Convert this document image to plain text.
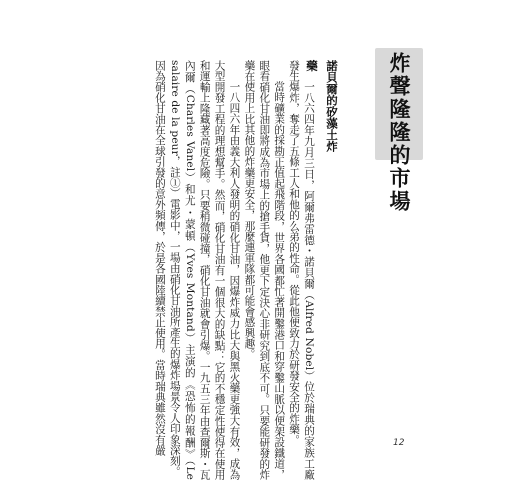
炸聲隆隆的市場
諾貝爾的矽藻土炸藥

一八六四年九月三日，阿爾弗雷德・諾貝爾（Alfred Nobel）位於瑞典的家族工廠發生爆炸，奪走了五條工人和他的么弟的性命。從此他便致力於研發安全的炸藥。

當時礦業的採勘正值起飛階段，世界各國都忙著開鑿港口和穿鑿山脈以便架設鐵道，眼看硝化甘油即將成為市場上的搶手貨，他更下定決心非研究到底不可。只要能研發的炸藥在使用上比其他的炸藥更安全，那麼連軍隊都可能會感興趣。

一八四六年由義大利人發明的硝化甘油，因爆炸威力比大與黑火藥更強大有效，成為大型開發工程的理想幫手。然而，硝化甘油有一個很大的缺點：它的不穩定性使得在使用和運輸上隆藏著高度危險。只要稍微碰撞，硝化甘油就會引爆。一九五三年由查爾斯・瓦內爾（Charles Vanel）和尤・蒙頓（Yves Montand）主演的《恐怖的報酬》（Le salaire de la peur，註①）電影中，一場由硝化甘油所產生的爆炸場景令人印象深刻。

因為硝化甘油在全球引發的意外頻傳，於是各國陸續禁止使用。當時瑞典雖然沒有嚴	12
